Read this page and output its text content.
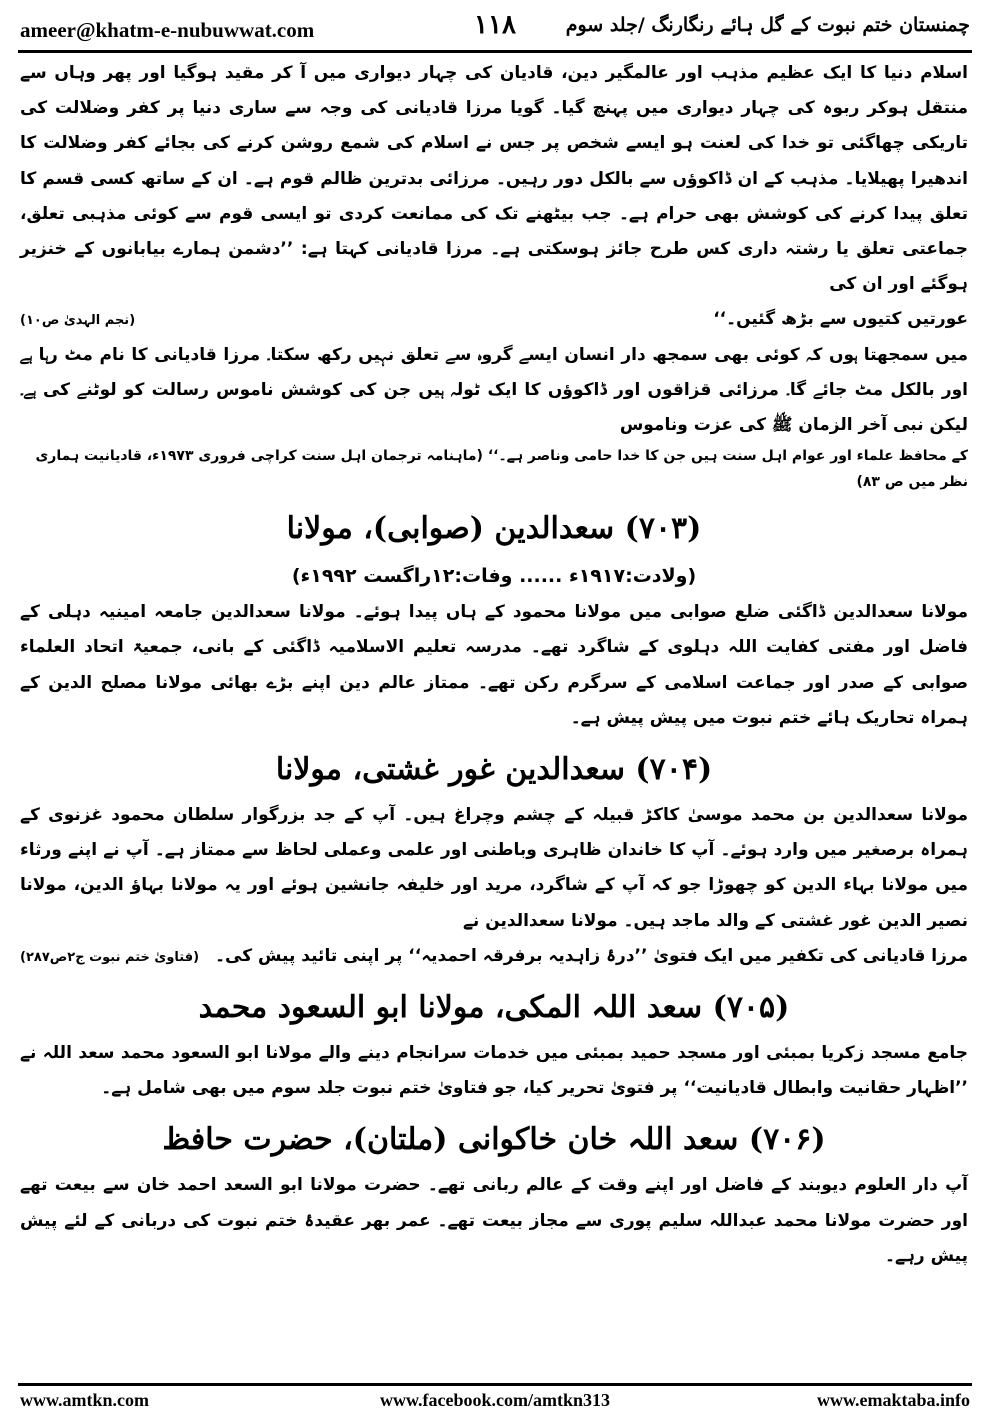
ameer@khatm-e-nubuwwat.com	۱۱۸	چمنستان ختم نبوت کے گل ہائے رنگارنگ /جلد سوم

اسلام دنیا کا ایک عظیم مذہب اور عالمگیر دین، قادیان کی چہار دیواری میں آ کر مقید ہوگیا اور پھر وہاں سے منتقل ہوکر ربوہ کی چہار دیواری میں پہنچ گیا۔ گویا مرزا قادیانی کی وجہ سے ساری دنیا پر کفر وضلالت کی تاریکی چھاگئی تو خدا کی لعنت ہو ایسے شخص پر جس نے اسلام کی شمع روشن کرنے کی بجائے کفر وضلالت کا اندھیرا پھیلایا۔ مذہب کے ان ڈاکوؤں سے بالکل دور رہیں۔ مرزائی بدترین ظالم قوم ہے۔ ان کے ساتھ کسی قسم کا تعلق پیدا کرنے کی کوشش بھی حرام ہے۔ جب بیٹھنے تک کی ممانعت کردی تو ایسی قوم سے کوئی مذہبی تعلق، جماعتی تعلق یا رشتہ داری کس طرح جائز ہوسکتی ہے۔ مرزا قادیانی کہتا ہے: ’’دشمن ہمارے بیابانوں کے خنزیر ہوگئے اور ان کی

عورتیں کتیوں سے بڑھ گئیں۔‘‘
(نجم الہدیٰ ص۱۰)

میں سمجھتا ہوں کہ کوئی بھی سمجھ دار انسان ایسے گروہ سے تعلق نہیں رکھ سکتا۔ مرزا قادیانی کا نام مٹ رہا ہے اور بالکل مٹ جائے گا۔ مرزائی قزاقوں اور ڈاکوؤں کا ایک ٹولہ ہیں جن کی کوشش ناموس رسالت کو لوٹنے کی ہے۔ لیکن نبی آخر الزمان ﷺ کی عزت وناموس

کے محافظ علماء اور عوام اہل سنت ہیں جن کا خدا حامی وناصر ہے۔‘‘ (ماہنامہ ترجمان اہل سنت کراچی فروری ۱۹۷۳ء، قادیانیت ہماری نظر میں ص ۸۳)
(۷۰۳) سعدالدین (صوابی)، مولانا
(ولادت:۱۹۱۷ء ...... وفات:۱۲راگست ۱۹۹۲ء)

مولانا سعدالدین ڈاگئی ضلع صوابی میں مولانا محمود کے ہاں پیدا ہوئے۔ مولانا سعدالدین جامعہ امینیہ دہلی کے فاضل اور مفتی کفایت اللہ دہلوی کے شاگرد تھے۔ مدرسہ تعلیم الاسلامیہ ڈاگئی کے بانی، جمعیۃ اتحاد العلماء صوابی کے صدر اور جماعت اسلامی کے سرگرم رکن تھے۔ ممتاز عالم دین اپنے بڑے بھائی مولانا مصلح الدین کے ہمراہ تحاریک ہائے ختم نبوت میں پیش پیش ہے۔

(۷۰۴) سعدالدین غور غشتی، مولانا

مولانا سعدالدین بن محمد موسیٰ کاکڑ قبیلہ کے چشم وچراغ ہیں۔ آپ کے جد بزرگوار سلطان محمود غزنوی کے ہمراہ برصغیر میں وارد ہوئے۔ آپ کا خاندان ظاہری وباطنی اور علمی وعملی لحاظ سے ممتاز ہے۔ آپ نے اپنے ورثاء میں مولانا بہاء الدین کو چھوڑا جو کہ آپ کے شاگرد، مرید اور خلیفہ جانشین ہوئے اور یہ مولانا بہاؤ الدین، مولانا نصیر الدین غور غشتی کے والد ماجد ہیں۔ مولانا سعدالدین نے

مرزا قادیانی کی تکفیر میں ایک فتویٰ ’’درۂ زاہدیہ برفرقہ احمدیہ‘‘ پر اپنی تائید پیش کی۔
(فتاویٰ ختم نبوت ج۲ص۲۸۷)
(۷۰۵) سعد اللہ المکی، مولانا ابو السعود محمد

جامع مسجد زکریا بمبئی اور مسجد حمید بمبئی میں خدمات سرانجام دینے والے مولانا ابو السعود محمد سعد اللہ نے ’’اظہار حقانیت وابطال قادیانیت‘‘ پر فتویٰ تحریر کیا، جو فتاویٰ ختم نبوت جلد سوم میں بھی شامل ہے۔

(۷۰۶) سعد اللہ خان خاکوانی (ملتان)، حضرت حافظ

آپ دار العلوم دیوبند کے فاضل اور اپنے وقت کے عالم ربانی تھے۔ حضرت مولانا ابو السعد احمد خان سے بیعت تھے اور حضرت مولانا محمد عبداللہ سلیم پوری سے مجاز بیعت تھے۔ عمر بھر عقیدۂ ختم نبوت کی دربانی کے لئے پیش پیش رہے۔

www.amtkn.com	www.facebook.com/amtkn313	www.emaktaba.info
